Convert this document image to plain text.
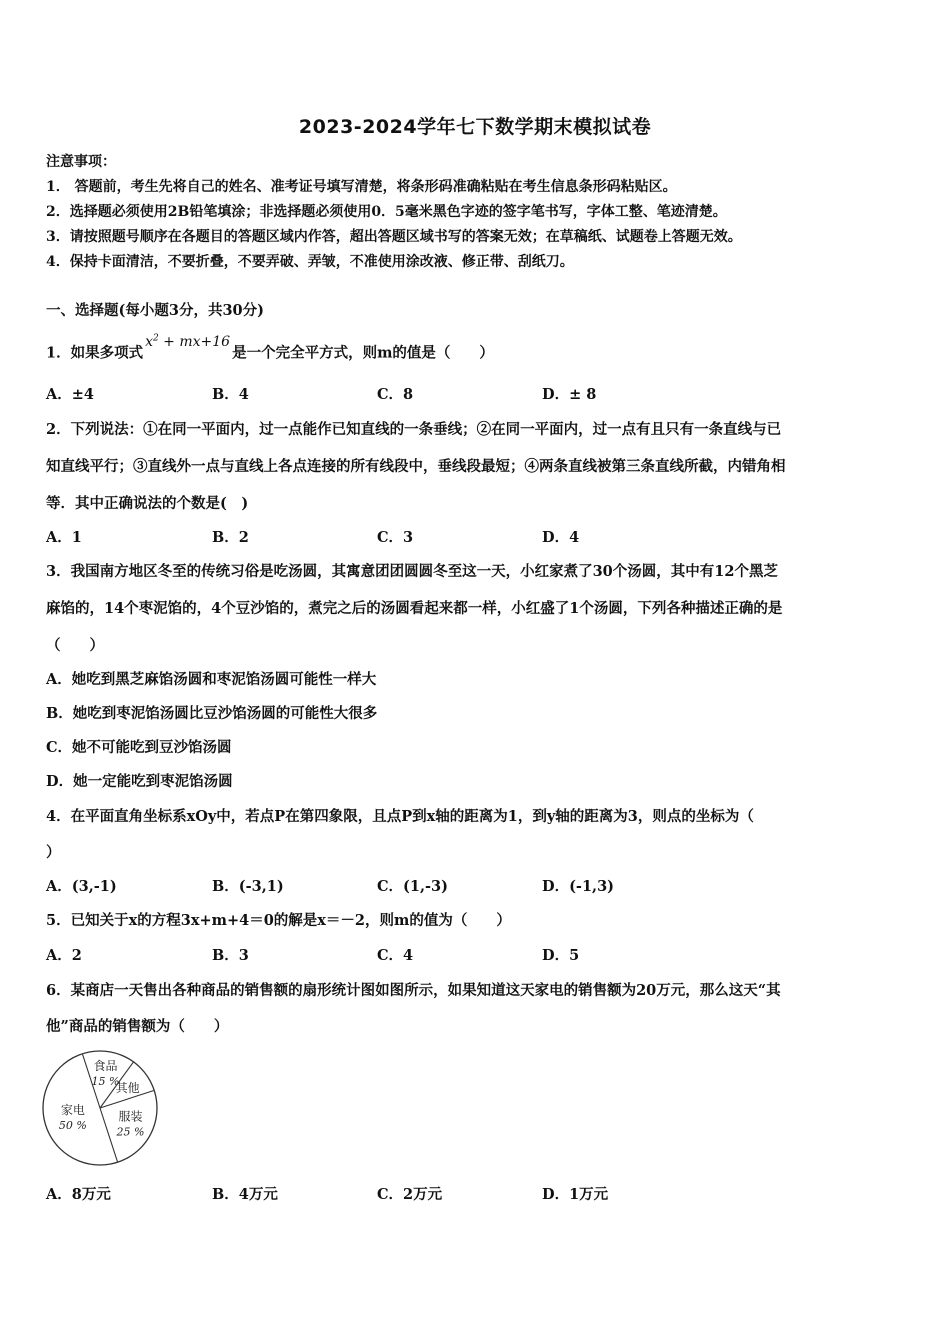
2023-2024学年七下数学期末模拟试卷
注意事项：
1． 答题前，考生先将自己的姓名、准考证号填写清楚，将条形码准确粘贴在考生信息条形码粘贴区。
2．选择题必须使用2B铅笔填涂；非选择题必须使用0．5毫米黑色字迹的签字笔书写，字体工整、笔迹清楚。
3．请按照题号顺序在各题目的答题区域内作答，超出答题区域书写的答案无效；在草稿纸、试题卷上答题无效。
4．保持卡面清洁，不要折叠，不要弄破、弄皱，不准使用涂改液、修正带、刮纸刀。
一、选择题(每小题3分，共30分)
1．如果多项式$x^2 + mx+16$是一个完全平方式，则m的值是（　　）
A．±4	B．4	C．8	D．± 8
2．下列说法：①在同一平面内，过一点能作已知直线的一条垂线；②在同一平面内，过一点有且只有一条直线与已
知直线平行；③直线外一点与直线上各点连接的所有线段中，垂线段最短；④两条直线被第三条直线所截，内错角相
等．其中正确说法的个数是(　)
A．1	B．2	C．3	D．4
3．我国南方地区冬至的传统习俗是吃汤圆，其寓意团团圆圆冬至这一天，小红家煮了30个汤圆，其中有12个黑芝
麻馅的，14个枣泥馅的，4个豆沙馅的，煮完之后的汤圆看起来都一样，小红盛了1个汤圆，下列各种描述正确的是
（　　）
A．她吃到黑芝麻馅汤圆和枣泥馅汤圆可能性一样大
B．她吃到枣泥馅汤圆比豆沙馅汤圆的可能性大很多
C．她不可能吃到豆沙馅汤圆
D．她一定能吃到枣泥馅汤圆
4．在平面直角坐标系xOy中，若点P在第四象限，且点P到x轴的距离为1，到y轴的距离为3，则点的坐标为（
）
A．(3,-1)	B．(-3,1)	C．(1,-3)	D．(-1,3)
5．已知关于x的方程3x+m+4＝0的解是x＝－2，则m的值为（　　）
A．2	B．3	C．4	D．5
6．某商店一天售出各种商品的销售额的扇形统计图如图所示，如果知道这天家电的销售额为20万元，那么这天“其
他”商品的销售额为（　　）
食品
15 %
其他
服装
25 %
家电
50 %
A．8万元	B．4万元	C．2万元	D．1万元
